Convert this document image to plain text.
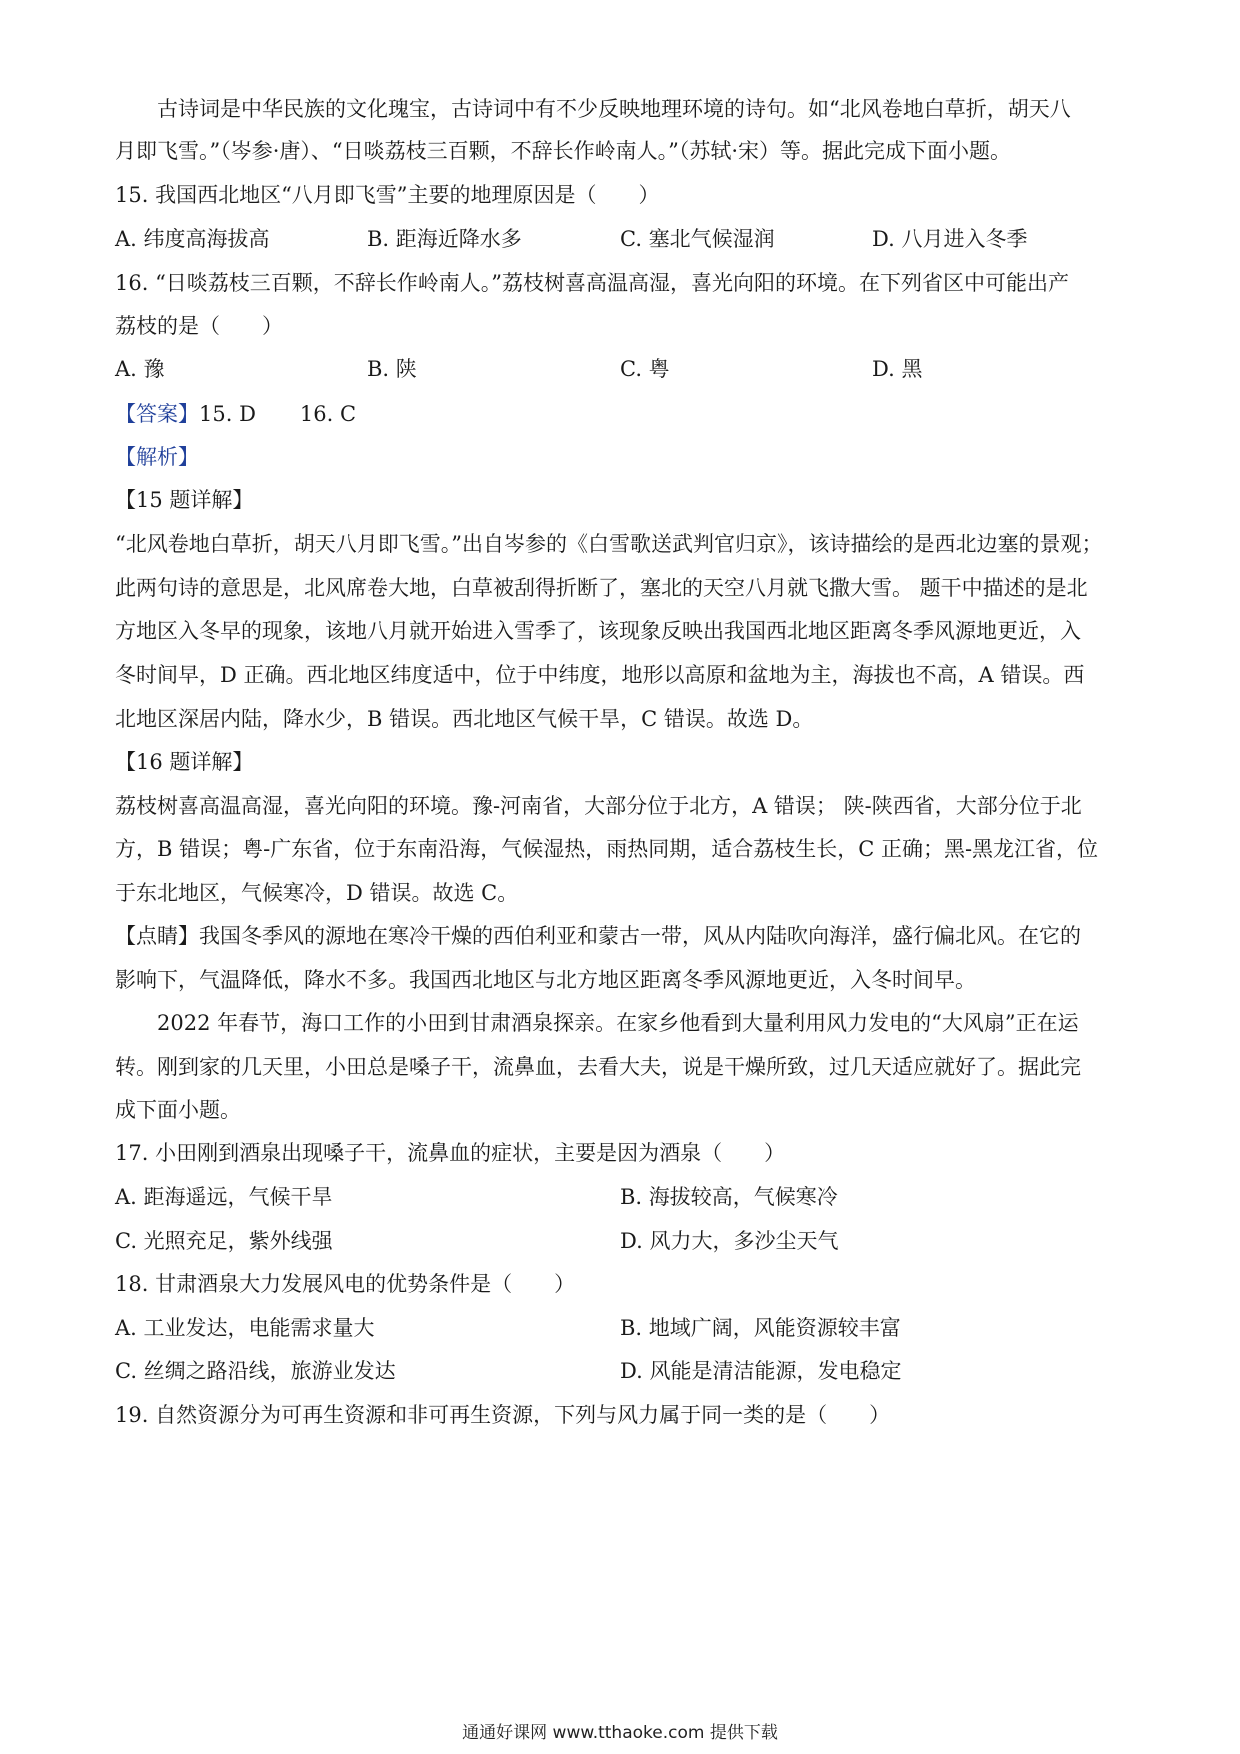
古诗词是中华民族的文化瑰宝，古诗词中有不少反映地理环境的诗句。如“北风卷地白草折，胡天八
月即飞雪。”（岑参·唐）、“日啖荔枝三百颗，不辞长作岭南人。”（苏轼·宋）等。据此完成下面小题。
15. 我国西北地区“八月即飞雪”主要的地理原因是（　　）
A. 纬度高海拔高	B. 距海近降水多	C. 塞北气候湿润	D. 八月进入冬季
16. “日啖荔枝三百颗，不辞长作岭南人。”荔枝树喜高温高湿，喜光向阳的环境。在下列省区中可能出产
荔枝的是（　　）
A. 豫	B. 陕	C. 粤	D. 黑
【答案】15. D 16. C
【解析】
【15 题详解】
“北风卷地白草折，胡天八月即飞雪。”出自岑参的《白雪歌送武判官归京》，该诗描绘的是西北边塞的景观；
此两句诗的意思是，北风席卷大地，白草被刮得折断了，塞北的天空八月就飞撒大雪。 题干中描述的是北
方地区入冬早的现象，该地八月就开始进入雪季了，该现象反映出我国西北地区距离冬季风源地更近，入
冬时间早，D 正确。西北地区纬度适中，位于中纬度，地形以高原和盆地为主，海拔也不高，A 错误。西
北地区深居内陆，降水少，B 错误。西北地区气候干旱，C 错误。故选 D。
【16 题详解】
荔枝树喜高温高湿，喜光向阳的环境。豫-河南省，大部分位于北方，A 错误； 陕-陕西省，大部分位于北
方，B 错误；粤-广东省，位于东南沿海，气候湿热，雨热同期，适合荔枝生长，C 正确；黑-黑龙江省，位
于东北地区，气候寒冷，D 错误。故选 C。
【点睛】我国冬季风的源地在寒冷干燥的西伯利亚和蒙古一带，风从内陆吹向海洋，盛行偏北风。在它的
影响下，气温降低，降水不多。我国西北地区与北方地区距离冬季风源地更近，入冬时间早。
2022 年春节，海口工作的小田到甘肃酒泉探亲。在家乡他看到大量利用风力发电的“大风扇”正在运
转。刚到家的几天里，小田总是嗓子干，流鼻血，去看大夫，说是干燥所致，过几天适应就好了。据此完
成下面小题。
17. 小田刚到酒泉出现嗓子干，流鼻血的症状，主要是因为酒泉（　　）
A. 距海遥远，气候干旱	B. 海拔较高，气候寒冷
C. 光照充足，紫外线强	D. 风力大，多沙尘天气
18. 甘肃酒泉大力发展风电的优势条件是（　　）
A. 工业发达，电能需求量大	B. 地域广阔，风能资源较丰富
C. 丝绸之路沿线，旅游业发达	D. 风能是清洁能源，发电稳定
19. 自然资源分为可再生资源和非可再生资源，下列与风力属于同一类的是（　　）
通通好课网 www.tthaoke.com 提供下载
